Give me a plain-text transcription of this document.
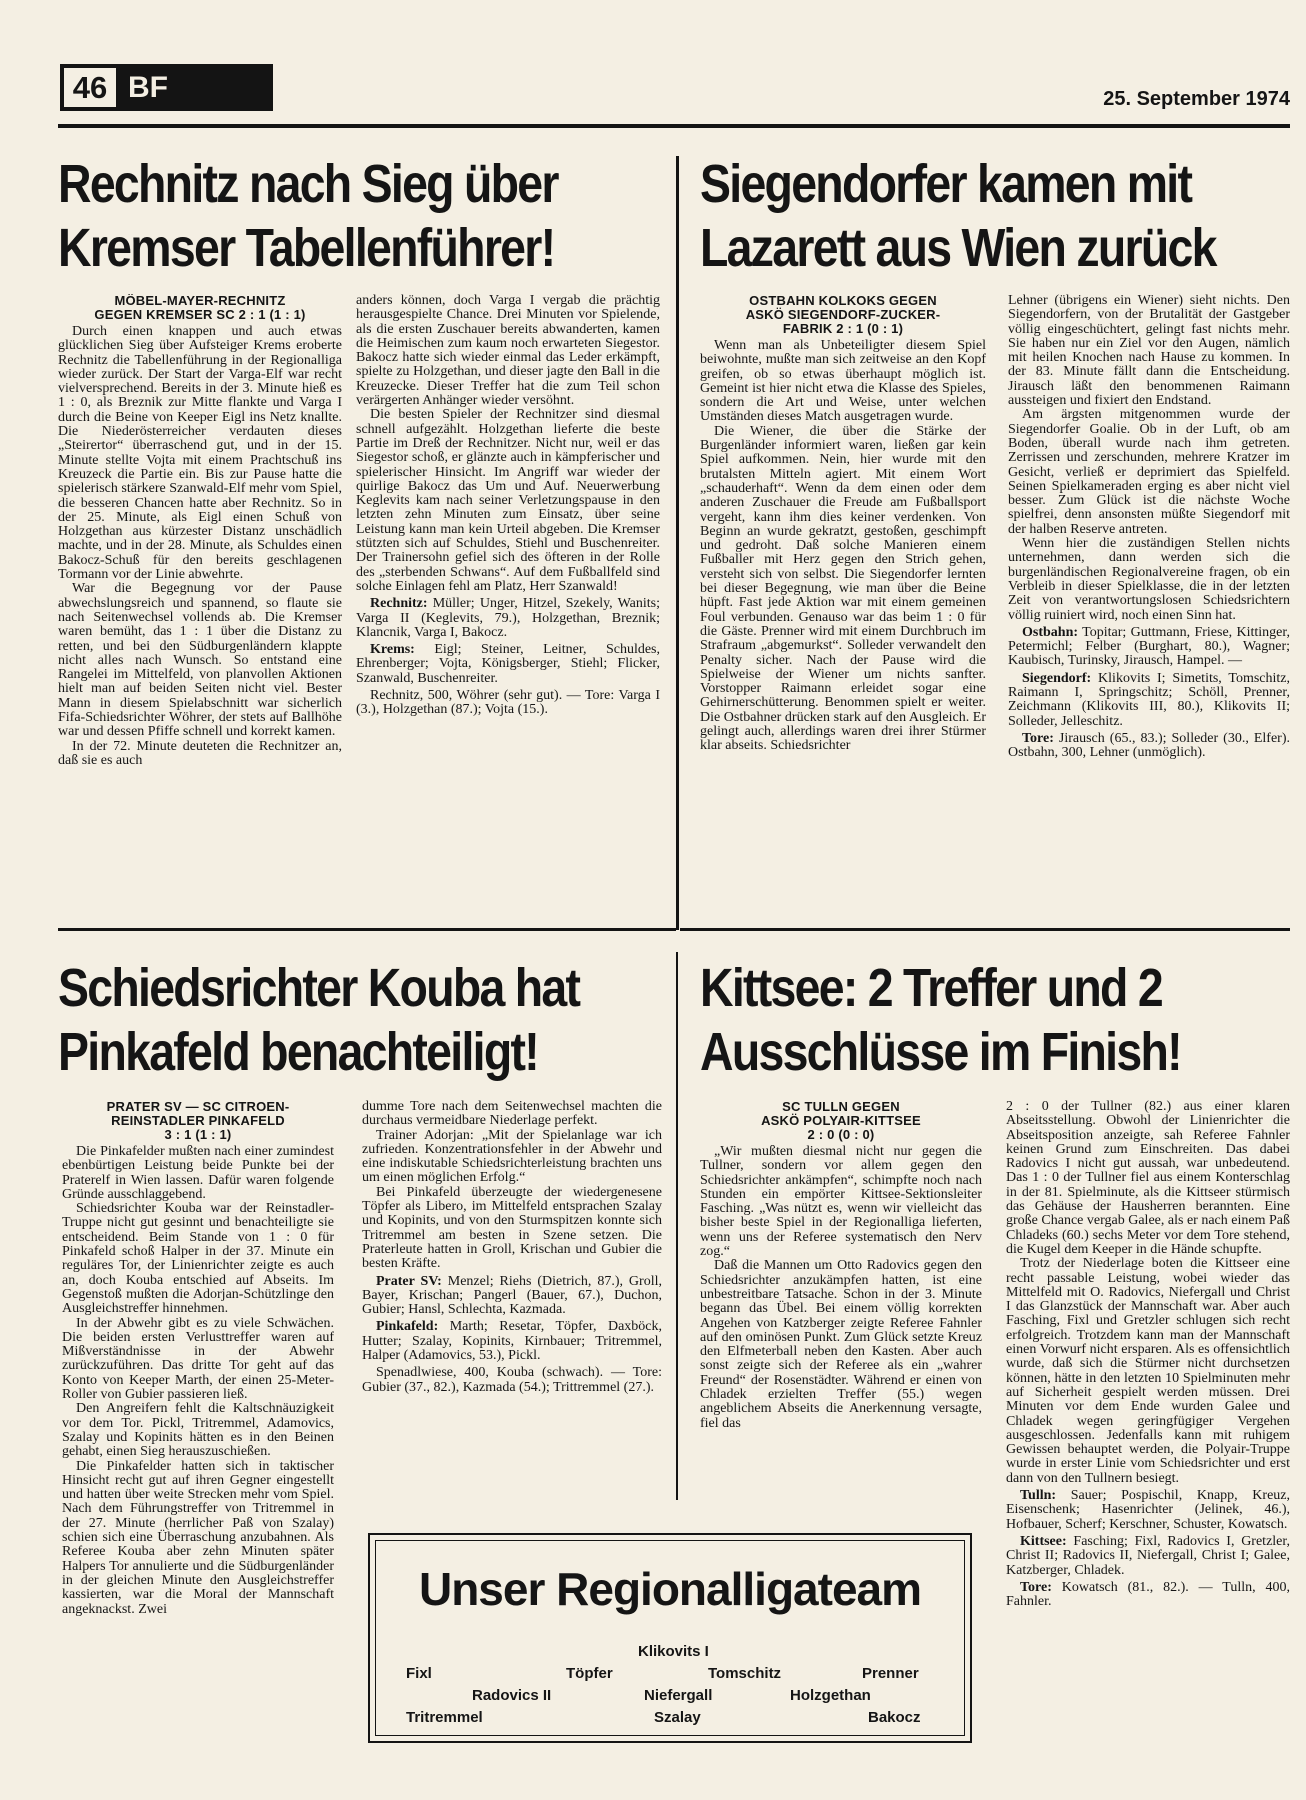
46 BF	25. September 1974
Rechnitz nach Sieg über
Kremser Tabellenführer!
MÖBEL-MAYER-RECHNITZ
GEGEN KREMSER SC 2 : 1 (1 : 1)

Durch einen knappen und auch etwas glücklichen Sieg über Aufsteiger Krems eroberte Rechnitz die Tabellenführung in der Regionalliga wieder zurück. Der Start der Varga-Elf war recht vielversprechend. Bereits in der 3. Minute hieß es 1 : 0, als Breznik zur Mitte flankte und Varga I durch die Beine von Keeper Eigl ins Netz knallte. Die Niederösterreicher verdauten dieses „Steirertor“ überraschend gut, und in der 15. Minute stellte Vojta mit einem Prachtschuß ins Kreuzeck die Partie ein. Bis zur Pause hatte die spielerisch stärkere Szanwald-Elf mehr vom Spiel, die besseren Chancen hatte aber Rechnitz. So in der 25. Minute, als Eigl einen Schuß von Holzgethan aus kürzester Distanz unschädlich machte, und in der 28. Minute, als Schuldes einen Bakocz-Schuß für den bereits geschlagenen Tormann vor der Linie abwehrte.

War die Begegnung vor der Pause abwechslungsreich und spannend, so flaute sie nach Seitenwechsel vollends ab. Die Kremser waren bemüht, das 1 : 1 über die Distanz zu retten, und bei den Südburgenländern klappte nicht alles nach Wunsch. So entstand eine Rangelei im Mittelfeld, von planvollen Aktionen hielt man auf beiden Seiten nicht viel. Bester Mann in diesem Spielabschnitt war sicherlich Fifa-Schiedsrichter Wöhrer, der stets auf Ballhöhe war und dessen Pfiffe schnell und korrekt kamen.

In der 72. Minute deuteten die Rechnitzer an, daß sie es auch

anders können, doch Varga I vergab die prächtig herausgespielte Chance. Drei Minuten vor Spielende, als die ersten Zuschauer bereits abwanderten, kamen die Heimischen zum kaum noch erwarteten Siegestor. Bakocz hatte sich wieder einmal das Leder erkämpft, spielte zu Holzgethan, und dieser jagte den Ball in die Kreuzecke. Dieser Treffer hat die zum Teil schon verärgerten Anhänger wieder versöhnt.

Die besten Spieler der Rechnitzer sind diesmal schnell aufgezählt. Holzgethan lieferte die beste Partie im Dreß der Rechnitzer. Nicht nur, weil er das Siegestor schoß, er glänzte auch in kämpferischer und spielerischer Hinsicht. Im Angriff war wieder der quirlige Bakocz das Um und Auf. Neuerwerbung Keglevits kam nach seiner Verletzungspause in den letzten zehn Minuten zum Einsatz, über seine Leistung kann man kein Urteil abgeben. Die Kremser stützten sich auf Schuldes, Stiehl und Buschenreiter. Der Trainersohn gefiel sich des öfteren in der Rolle des „sterbenden Schwans“. Auf dem Fußballfeld sind solche Einlagen fehl am Platz, Herr Szanwald!

Rechnitz: Müller; Unger, Hitzel, Szekely, Wanits; Varga II (Keglevits, 79.), Holzgethan, Breznik; Klancnik, Varga I, Bakocz.

Krems: Eigl; Steiner, Leitner, Schuldes, Ehrenberger; Vojta, Königsberger, Stiehl; Flicker, Szanwald, Buschenreiter.

Rechnitz, 500, Wöhrer (sehr gut). — Tore: Varga I (3.), Holzgethan (87.); Vojta (15.).

Siegendorfer kamen mit
Lazarett aus Wien zurück
OSTBAHN KOLKOKS GEGEN
ASKÖ SIEGENDORF-ZUCKER-
FABRIK 2 : 1 (0 : 1)

Wenn man als Unbeteiligter diesem Spiel beiwohnte, mußte man sich zeitweise an den Kopf greifen, ob so etwas überhaupt möglich ist. Gemeint ist hier nicht etwa die Klasse des Spieles, sondern die Art und Weise, unter welchen Umständen dieses Match ausgetragen wurde.

Die Wiener, die über die Stärke der Burgenländer informiert waren, ließen gar kein Spiel aufkommen. Nein, hier wurde mit den brutalsten Mitteln agiert. Mit einem Wort „schauderhaft“. Wenn da dem einen oder dem anderen Zuschauer die Freude am Fußballsport vergeht, kann ihm dies keiner verdenken. Von Beginn an wurde gekratzt, gestoßen, geschimpft und gedroht. Daß solche Manieren einem Fußballer mit Herz gegen den Strich gehen, versteht sich von selbst. Die Siegendorfer lernten bei dieser Begegnung, wie man über die Beine hüpft. Fast jede Aktion war mit einem gemeinen Foul verbunden. Genauso war das beim 1 : 0 für die Gäste. Prenner wird mit einem Durchbruch im Strafraum „abgemurkst“. Solleder verwandelt den Penalty sicher. Nach der Pause wird die Spielweise der Wiener um nichts sanfter. Vorstopper Raimann erleidet sogar eine Gehirnerschütterung. Benommen spielt er weiter. Die Ostbahner drücken stark auf den Ausgleich. Er gelingt auch, allerdings waren drei ihrer Stürmer klar abseits. Schiedsrichter

Lehner (übrigens ein Wiener) sieht nichts. Den Siegendorfern, von der Brutalität der Gastgeber völlig eingeschüchtert, gelingt fast nichts mehr. Sie haben nur ein Ziel vor den Augen, nämlich mit heilen Knochen nach Hause zu kommen. In der 83. Minute fällt dann die Entscheidung. Jirausch läßt den benommenen Raimann aussteigen und fixiert den Endstand.

Am ärgsten mitgenommen wurde der Siegendorfer Goalie. Ob in der Luft, ob am Boden, überall wurde nach ihm getreten. Zerrissen und zerschunden, mehrere Kratzer im Gesicht, verließ er deprimiert das Spielfeld. Seinen Spielkameraden erging es aber nicht viel besser. Zum Glück ist die nächste Woche spielfrei, denn ansonsten müßte Siegendorf mit der halben Reserve antreten.

Wenn hier die zuständigen Stellen nichts unternehmen, dann werden sich die burgenländischen Regionalvereine fragen, ob ein Verbleib in dieser Spielklasse, die in der letzten Zeit von verantwortungslosen Schiedsrichtern völlig ruiniert wird, noch einen Sinn hat.

Ostbahn: Topitar; Guttmann, Friese, Kittinger, Petermichl; Felber (Burghart, 80.), Wagner; Kaubisch, Turinsky, Jirausch, Hampel. —

Siegendorf: Klikovits I; Simetits, Tomschitz, Raimann I, Springschitz; Schöll, Prenner, Zeichmann (Klikovits III, 80.), Klikovits II; Solleder, Jelleschitz.

Tore: Jirausch (65., 83.); Solleder (30., Elfer). Ostbahn, 300, Lehner (unmöglich).

Schiedsrichter Kouba hat
Pinkafeld benachteiligt!
PRATER SV — SC CITROEN-
REINSTADLER PINKAFELD
3 : 1 (1 : 1)

Die Pinkafelder mußten nach einer zumindest ebenbürtigen Leistung beide Punkte bei der Praterelf in Wien lassen. Dafür waren folgende Gründe ausschlaggebend.

Schiedsrichter Kouba war der Reinstadler-Truppe nicht gut gesinnt und benachteiligte sie entscheidend. Beim Stande von 1 : 0 für Pinkafeld schoß Halper in der 37. Minute ein reguläres Tor, der Linienrichter zeigte es auch an, doch Kouba entschied auf Abseits. Im Gegenstoß mußten die Adorjan-Schützlinge den Ausgleichstreffer hinnehmen.

In der Abwehr gibt es zu viele Schwächen. Die beiden ersten Verlusttreffer waren auf Mißverständnisse in der Abwehr zurückzuführen. Das dritte Tor geht auf das Konto von Keeper Marth, der einen 25-Meter-Roller von Gubier passieren ließ.

Den Angreifern fehlt die Kaltschnäuzigkeit vor dem Tor. Pickl, Tritremmel, Adamovics, Szalay und Kopinits hätten es in den Beinen gehabt, einen Sieg herauszuschießen.

Die Pinkafelder hatten sich in taktischer Hinsicht recht gut auf ihren Gegner eingestellt und hatten über weite Strecken mehr vom Spiel. Nach dem Führungstreffer von Tritremmel in der 27. Minute (herrlicher Paß von Szalay) schien sich eine Überraschung anzubahnen. Als Referee Kouba aber zehn Minuten später Halpers Tor annulierte und die Südburgenländer in der gleichen Minute den Ausgleichstreffer kassierten, war die Moral der Mannschaft angeknackst. Zwei

dumme Tore nach dem Seitenwechsel machten die durchaus vermeidbare Niederlage perfekt.

Trainer Adorjan: „Mit der Spielanlage war ich zufrieden. Konzentrationsfehler in der Abwehr und eine indiskutable Schiedsrichterleistung brachten uns um einen möglichen Erfolg.“

Bei Pinkafeld überzeugte der wiedergenesene Töpfer als Libero, im Mittelfeld entsprachen Szalay und Kopinits, und von den Sturmspitzen konnte sich Tritremmel am besten in Szene setzen. Die Praterleute hatten in Groll, Krischan und Gubier die besten Kräfte.

Prater SV: Menzel; Riehs (Dietrich, 87.), Groll, Bayer, Krischan; Pangerl (Bauer, 67.), Duchon, Gubier; Hansl, Schlechta, Kazmada.

Pinkafeld: Marth; Resetar, Töpfer, Daxböck, Hutter; Szalay, Kopinits, Kirnbauer; Tritremmel, Halper (Adamovics, 53.), Pickl.

Spenadlwiese, 400, Kouba (schwach). — Tore: Gubier (37., 82.), Kazmada (54.); Trittremmel (27.).

Kittsee: 2 Treffer und 2
Ausschlüsse im Finish!
SC TULLN GEGEN
ASKÖ POLYAIR-KITTSEE
2 : 0 (0 : 0)

„Wir mußten diesmal nicht nur gegen die Tullner, sondern vor allem gegen den Schiedsrichter ankämpfen“, schimpfte noch nach Stunden ein empörter Kittsee-Sektionsleiter Fasching. „Was nützt es, wenn wir vielleicht das bisher beste Spiel in der Regionalliga lieferten, wenn uns der Referee systematisch den Nerv zog.“

Daß die Mannen um Otto Radovics gegen den Schiedsrichter anzukämpfen hatten, ist eine unbestreitbare Tatsache. Schon in der 3. Minute begann das Übel. Bei einem völlig korrekten Angehen von Katzberger zeigte Referee Fahnler auf den ominösen Punkt. Zum Glück setzte Kreuz den Elfmeterball neben den Kasten. Aber auch sonst zeigte sich der Referee als ein „wahrer Freund“ der Rosenstädter. Während er einen von Chladek erzielten Treffer (55.) wegen angeblichem Abseits die Anerkennung versagte, fiel das

2 : 0 der Tullner (82.) aus einer klaren Abseitsstellung. Obwohl der Linienrichter die Abseitsposition anzeigte, sah Referee Fahnler keinen Grund zum Einschreiten. Das dabei Radovics I nicht gut aussah, war unbedeutend. Das 1 : 0 der Tullner fiel aus einem Konterschlag in der 81. Spielminute, als die Kittseer stürmisch das Gehäuse der Hausherren berannten. Eine große Chance vergab Galee, als er nach einem Paß Chladeks (60.) sechs Meter vor dem Tore stehend, die Kugel dem Keeper in die Hände schupfte.

Trotz der Niederlage boten die Kittseer eine recht passable Leistung, wobei wieder das Mittelfeld mit O. Radovics, Niefergall und Christ I das Glanzstück der Mannschaft war. Aber auch Fasching, Fixl und Gretzler schlugen sich recht erfolgreich. Trotzdem kann man der Mannschaft einen Vorwurf nicht ersparen. Als es offensichtlich wurde, daß sich die Stürmer nicht durchsetzen können, hätte in den letzten 10 Spielminuten mehr auf Sicherheit gespielt werden müssen. Drei Minuten vor dem Ende wurden Galee und Chladek wegen geringfügiger Vergehen ausgeschlossen. Jedenfalls kann mit ruhigem Gewissen behauptet werden, die Polyair-Truppe wurde in erster Linie vom Schiedsrichter und erst dann von den Tullnern besiegt.

Tulln: Sauer; Pospischil, Knapp, Kreuz, Eisenschenk; Hasenrichter (Jelinek, 46.), Hofbauer, Scherf; Kerschner, Schuster, Kowatsch.

Kittsee: Fasching; Fixl, Radovics I, Gretzler, Christ II; Radovics II, Niefergall, Christ I; Galee, Katzberger, Chladek.

Tore: Kowatsch (81., 82.). — Tulln, 400, Fahnler.

Unser Regionalligateam
Klikovits I
Fixl	Töpfer	Tomschitz	Prenner
Radovics II	Niefergall	Holzgethan
Tritremmel	Szalay	Bakocz
